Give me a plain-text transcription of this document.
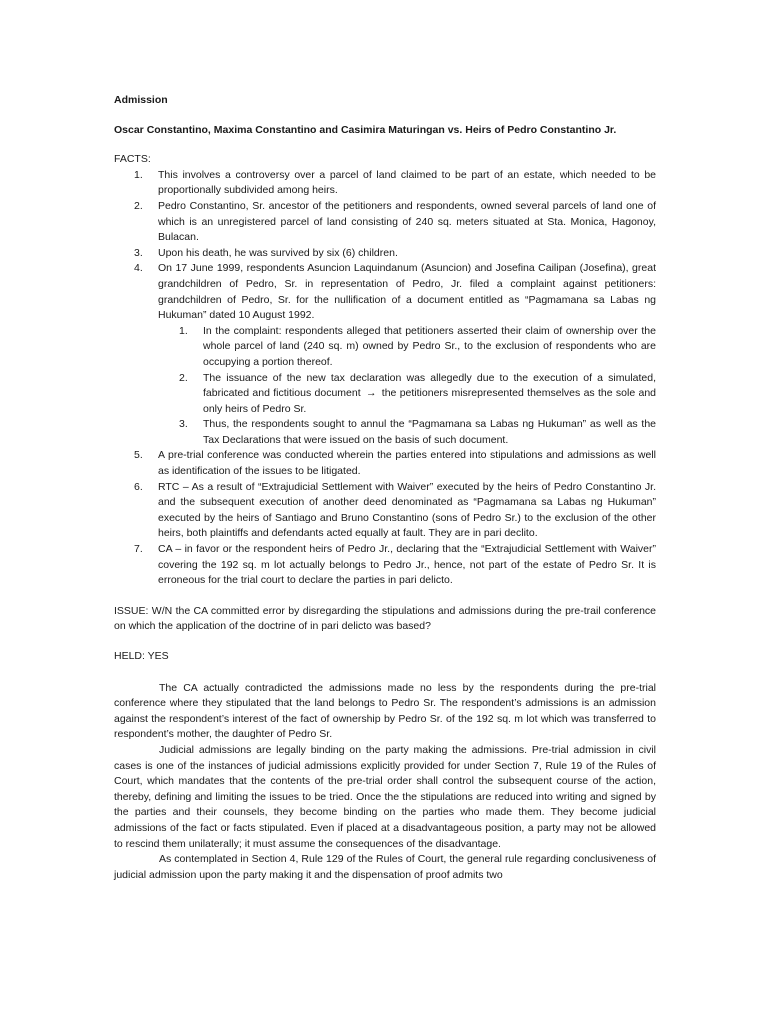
Admission

Oscar Constantino, Maxima Constantino and Casimira Maturingan vs. Heirs of Pedro Constantino Jr.

FACTS:

1.	This involves a controversy over a parcel of land claimed to be part of an estate, which needed to be proportionally subdivided among heirs.
2.	Pedro Constantino, Sr. ancestor of the petitioners and respondents, owned several parcels of land one of which is an unregistered parcel of land consisting of 240 sq. meters situated at Sta. Monica, Hagonoy, Bulacan.
3.	Upon his death, he was survived by six (6) children.
4.	On 17 June 1999, respondents Asuncion Laquindanum (Asuncion) and Josefina Cailipan (Josefina), great grandchildren of Pedro, Sr. in representation of Pedro, Jr. filed a complaint against petitioners: grandchildren of Pedro, Sr. for the nullification of a document entitled as “Pagmamana sa Labas ng Hukuman” dated 10 August 1992.
1.	In the complaint: respondents alleged that petitioners asserted their claim of ownership over the whole parcel of land (240 sq. m) owned by Pedro Sr., to the exclusion of respondents who are occupying a portion thereof.
2.	The issuance of the new tax declaration was allegedly due to the execution of a simulated, fabricated and fictitious document → the petitioners misrepresented themselves as the sole and only heirs of Pedro Sr.
3.	Thus, the respondents sought to annul the “Pagmamana sa Labas ng Hukuman” as well as the Tax Declarations that were issued on the basis of such document.
5.	A pre-trial conference was conducted wherein the parties entered into stipulations and admissions as well as identification of the issues to be litigated.
6.	RTC – As a result of “Extrajudicial Settlement with Waiver” executed by the heirs of Pedro Constantino Jr. and the subsequent execution of another deed denominated as “Pagmamana sa Labas ng Hukuman” executed by the heirs of Santiago and Bruno Constantino (sons of Pedro Sr.) to the exclusion of the other heirs, both plaintiffs and defendants acted equally at fault. They are in pari declito.
7.	CA – in favor or the respondent heirs of Pedro Jr., declaring that the “Extrajudicial Settlement with Waiver” covering the 192 sq. m lot actually belongs to Pedro Jr., hence, not part of the estate of Pedro Sr. It is erroneous for the trial court to declare the parties in pari delicto.

ISSUE: W/N the CA committed error by disregarding the stipulations and admissions during the pre-trail conference on which the application of the doctrine of in pari delicto was based?

HELD: YES

The CA actually contradicted the admissions made no less by the respondents during the pre-trial conference where they stipulated that the land belongs to Pedro Sr. The respondent’s admissions is an admission against the respondent’s interest of the fact of ownership by Pedro Sr. of the 192 sq. m lot which was transferred to respondent’s mother, the daughter of Pedro Sr.

Judicial admissions are legally binding on the party making the admissions. Pre-trial admission in civil cases is one of the instances of judicial admissions explicitly provided for under Section 7, Rule 19 of the Rules of Court, which mandates that the contents of the pre-trial order shall control the subsequent course of the action, thereby, defining and limiting the issues to be tried. Once the the stipulations are reduced into writing and signed by the parties and their counsels, they become binding on the parties who made them. They become judicial admissions of the fact or facts stipulated. Even if placed at a disadvantageous position, a party may not be allowed to rescind them unilaterally; it must assume the consequences of the disadvantage.

As contemplated in Section 4, Rule 129 of the Rules of Court, the general rule regarding conclusiveness of judicial admission upon the party making it and the dispensation of proof admits two
